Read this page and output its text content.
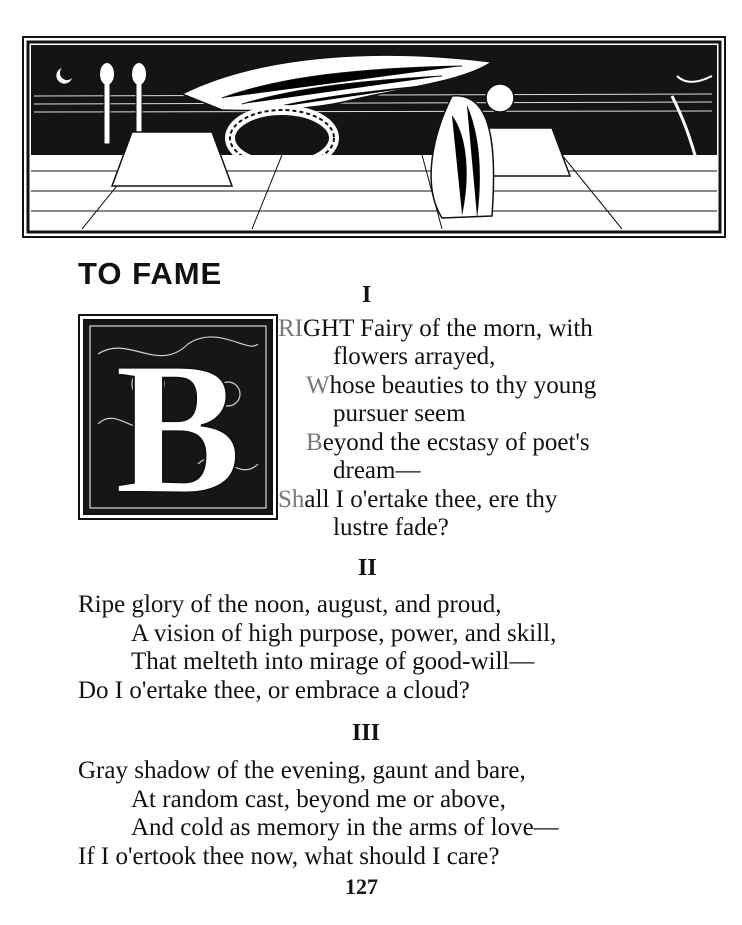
TO FAME
I
B RIGHT Fairy of the morn, with
flowers arrayed,
Whose beauties to thy young
pursuer seem
Beyond the ecstasy of poet's
dream—
Shall I o'ertake thee, ere thy
lustre fade?
II
Ripe glory of the noon, august, and proud,
A vision of high purpose, power, and skill,
That melteth into mirage of good-will—
Do I o'ertake thee, or embrace a cloud?
III
Gray shadow of the evening, gaunt and bare,
At random cast, beyond me or above,
And cold as memory in the arms of love—
If I o'ertook thee now, what should I care?
127
